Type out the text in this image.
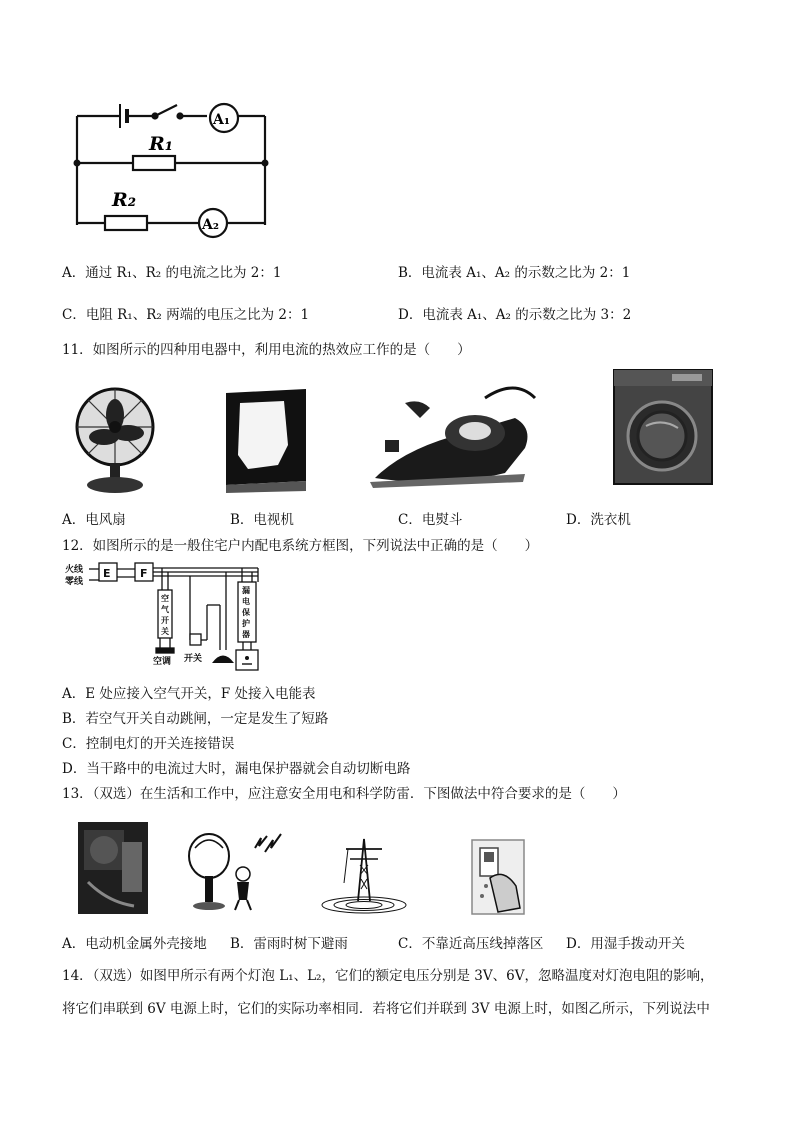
R₁
R₂
A₁
A₂
A．通过 R₁、R₂ 的电流之比为 2：1	B．电流表 A₁、A₂ 的示数之比为 2：1
C．电阻 R₁、R₂ 两端的电压之比为 2：1	D．电流表 A₁、A₂ 的示数之比为 3：2
11．如图所示的四种用电器中，利用电流的热效应工作的是（　　）
A．电风扇	B．电视机	C．电熨斗	D．洗衣机
12．如图所示的是一般住宅户内配电系统方框图，下列说法中正确的是（　　）
火线
零线
E	F
空
气
开
关
漏
电
保
护
器
空调 开关
A．E 处应接入空气开关，F 处接入电能表
B．若空气开关自动跳闸，一定是发生了短路
C．控制电灯的开关连接错误
D．当干路中的电流过大时，漏电保护器就会自动切断电路
13．（双选）在生活和工作中，应注意安全用电和科学防雷．下图做法中符合要求的是（　　）
A．电动机金属外壳接地 B．雷雨时树下避雨	C．不靠近高压线掉落区 D．用湿手拨动开关
14．（双选）如图甲所示有两个灯泡 L₁、L₂，它们的额定电压分别是 3V、6V，忽略温度对灯泡电阻的影响，
将它们串联到 6V 电源上时，它们的实际功率相同．若将它们并联到 3V 电源上时，如图乙所示，下列说法中
